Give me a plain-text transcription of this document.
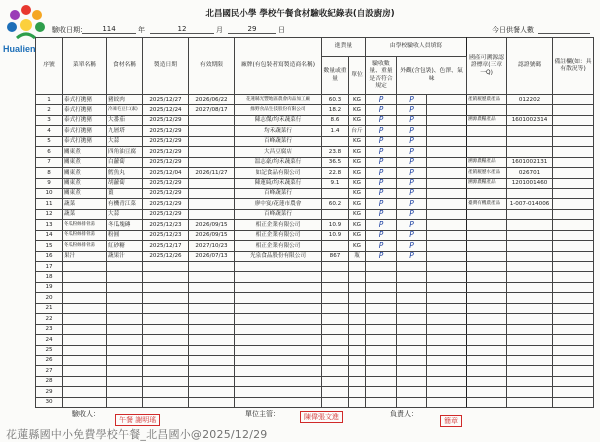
Hualien
北昌國民小學 學校午餐食材驗收紀錄表(自設廚房)
驗收日期：	114	年	12	月	29	日	今日供餐人數
序號	菜單名稱	食材名稱	製造日期	有效期限	廠牌(有包裝者寫製造商名稱)	進貨量		由學校驗收人員填寫			國產可溯源認證標章(三章一Q)	認證號碼	備註欄(如：具有散況等)
						數量或重量	單位	驗收數量、重量是否符合規定	外觀(含包裝)、色澤、氣味				

1	泰式打拋豬	豬絞肉	2025/12/27	2026/06/22	花蓮縣光豐地區農會肉品加工廠	60.3	KG	P	P		產銷履歷農產品	012202	
2	泰式打拋豬	冷凍毛豆仁(素)	2025/12/24	2027/08/17	綠野食品生技股份有限公司	18.2	KG	P	P				
3	泰式打拋豬	大番茄	2025/12/29		陳志傑/均禾蔬菜行	8.6	KG	P	P		溯源農糧產品	1601002314	
4	泰式打拋豬	九層塔	2025/12/29		均禾蔬菜行	1.4	台斤	P	P				
5	泰式打拋豬	大蒜	2025/12/29		百峰蔬菜行		KG	P	P				
6	關東煮	四角油豆腐	2025/12/29		大昌豆腐店	23.8	KG	P	P				
7	關東煮	白蘿蔔	2025/12/29		溫志豪/均禾蔬菜行	36.5	KG	P	P		溯源農糧產品	1601002131	
8	關東煮	鱈魚丸	2025/12/04	2026/11/27	如記食品有限公司	22.8	KG	P	P		產銷履歷水產品	026701	
9	關東煮	胡蘿蔔	2025/12/29		陳蓮綺/均禾蔬菜行	9.1	KG	P	P		溯源農糧產品	1201001460	
10	關東煮	薑	2025/12/29		百峰蔬菜行		KG	P	P				
11	蔬菜	有機青江菜	2025/12/29		廖中宴/花蓮市農會	60.2	KG	P	P		臺灣有機農產品	1-007-014006	
12	蔬菜	大蒜	2025/12/29		百峰蔬菜行		KG	P	P				
13	冬瓜粉絲排骨湯	冬瓜塊磚	2025/12/23	2026/09/15	相正企業有限公司	10.9	KG	P	P				
14	冬瓜粉絲排骨湯	粉圓	2025/12/23	2026/09/15	相正企業有限公司	10.9	KG	P	P				
15	冬瓜粉絲排骨湯	紅砂糖	2025/12/17	2027/10/23	相正企業有限公司		KG	P	P				
16	果汁	蔬果汁	2025/12/26	2026/07/13	光泉食品股份有限公司	867	瓶	P	P				
17													
18													
19													
20													
21													
22													
23													
24													
25													
26													
27													
28													
29													
30													
驗收人：
午餐 謝明瑤
單位主管：	陳偉張文進	負責人：
簡章
花蓮縣國中小免費學校午餐_北昌國小@2025/12/29
